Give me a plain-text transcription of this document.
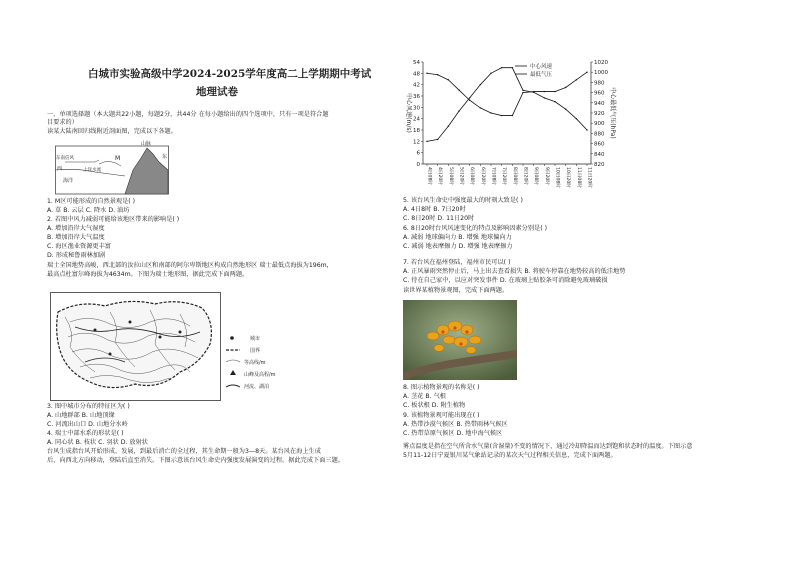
白城市实验高级中学2024-2025学年度高二上学期期中考试
地理试卷
一、单项选择题（本大题共22小题，每题2分，共44分 在每小题给出的四个选项中，只有一项是符合题
目要求的）
读某大陆南回归线附近剖面图，完成以下各题。
M
山脉
东南信风
上洋水流
海洋
西
东
1. M区可能形成的自然景观是( )
A. 草 B. 云层 C. 降水 D. 油坊
2. 若图中风力减弱可能给该地区带来的影响是( )
A. 增加沿岸大气湿度
B. 增加沿岸大气温度
C. 海区渔业资源更丰富
D. 形成秘鲁雨林加剧
瑞士全国地势高峻，西北部的汝拉山区和南部的阿尔卑斯地区构成自然地形区 瑞士最低点海拔为196m，
最高点杜富尔峰海拔为4634m。下图为瑞士地形图，据此完成下面两题。
城市
国界
等高线/m
山峰及高程/m
河流、湖泊
3. 图中城市分布的特征区为( )
A. 山地群部 B. 山地顶缘
C. 河流出山口 D. 山地分水岭
4. 瑞士中部水系的形状是( )
A. 同心状 B. 枝状 C. 羽状 D. 放射状
台风生成指台风开始形成、发展，到最后消亡的全过程，其生命期一般为3—8天。某台风在海上生成
后，向西北方向移动，登陆后直至消失。下图示意该台风生命史内强度发展演变的过程。据此完成下面三题。
0
6
12
18
24
30
36
42
48
54
820
840
860
880
900
920
940
960
980
1000
1020
4日08时	4日20时	5日08时	5日20时	6日08时	6日20时	7日08时	7日20时	8日08时	8日20时	9日08时	9日20时	10日08时	10日20时	11日08时	11日20时
中心风速(m/s)	中心最低气压(hPa)
中心风速
最低气压
5. 该台风生命史中强度最大的时刻大致是( )
A. 4日8时 B. 7日20时
C. 8日20时 D. 11日20时
6. 8日20时台风风速变化的特点及影响因素分别是( )
A. 减弱 地球偏向力 B. 增强 地球偏向力
C. 减弱 地表摩擦力 D. 增强 地表摩擦力
7. 若台风在福州登陆，福州市民可以( )
A. 正风暴雨突然停止后，马上出去查看损失 B. 将驶车停靠在地势较高的低洼地势
C. 待在自己家中，以应对突发事件 D. 在玻璃上贴胶条可消除避免玻璃破损
读世界某植物景观图，完成下面两题。
8. 图示植物景观的名称是( )
A. 茎花 B. 气根
C. 板状根 D. 附生植物
9. 该植物景观可能出现在( )
A. 热带沙漠气候区 B. 热带雨林气候区
C. 热带草原气候区 D. 地中海气候区
雾点温度是指在空气所含水气量(含湿量)不变的情况下，通过冷却降温而达到饱和状态时的温度。下图示意
5月11-12日宁夏银川某气象站记录的某次天气过程相关信息，完成下面两题。
